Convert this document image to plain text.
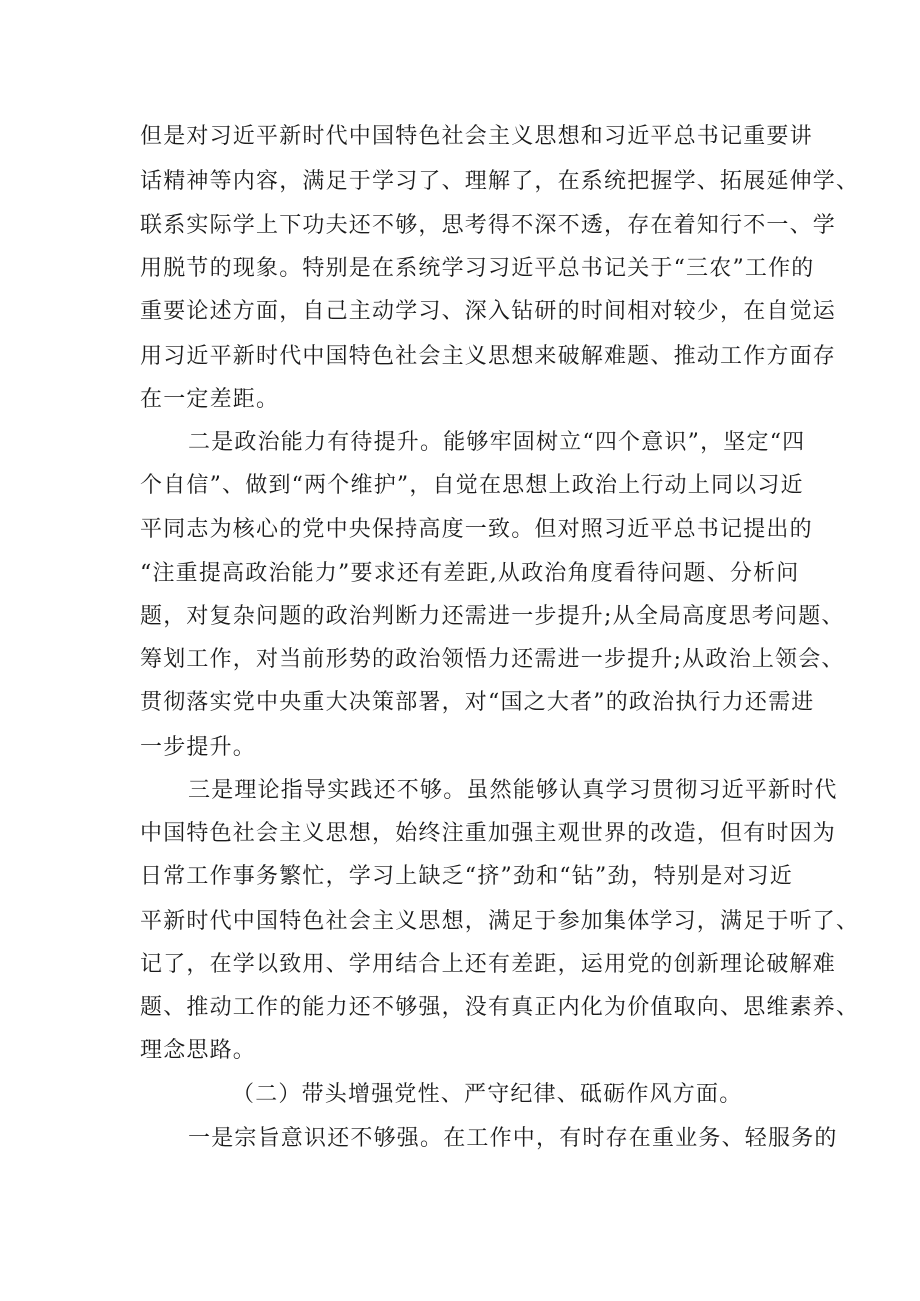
但是对习近平新时代中国特色社会主义思想和习近平总书记重要讲
话精神等内容，满足于学习了、理解了，在系统把握学、拓展延伸学、
联系实际学上下功夫还不够，思考得不深不透，存在着知行不一、学
用脱节的现象。特别是在系统学习习近平总书记关于“三农”工作的
重要论述方面，自己主动学习、深入钻研的时间相对较少，在自觉运
用习近平新时代中国特色社会主义思想来破解难题、推动工作方面存
在一定差距。
二是政治能力有待提升。能够牢固树立“四个意识”，坚定“四
个自信”、做到“两个维护”，自觉在思想上政治上行动上同以习近
平同志为核心的党中央保持高度一致。但对照习近平总书记提出的
“注重提高政治能力”要求还有差距,从政治角度看待问题、分析问
题，对复杂问题的政治判断力还需进一步提升;从全局高度思考问题、
筹划工作，对当前形势的政治领悟力还需进一步提升;从政治上领会、
贯彻落实党中央重大决策部署，对“国之大者”的政治执行力还需进
一步提升。
三是理论指导实践还不够。虽然能够认真学习贯彻习近平新时代
中国特色社会主义思想，始终注重加强主观世界的改造，但有时因为
日常工作事务繁忙，学习上缺乏“挤”劲和“钻”劲，特别是对习近
平新时代中国特色社会主义思想，满足于参加集体学习，满足于听了、
记了，在学以致用、学用结合上还有差距，运用党的创新理论破解难
题、推动工作的能力还不够强，没有真正内化为价值取向、思维素养、
理念思路。
（二）带头增强党性、严守纪律、砥砺作风方面。
一是宗旨意识还不够强。在工作中，有时存在重业务、轻服务的
